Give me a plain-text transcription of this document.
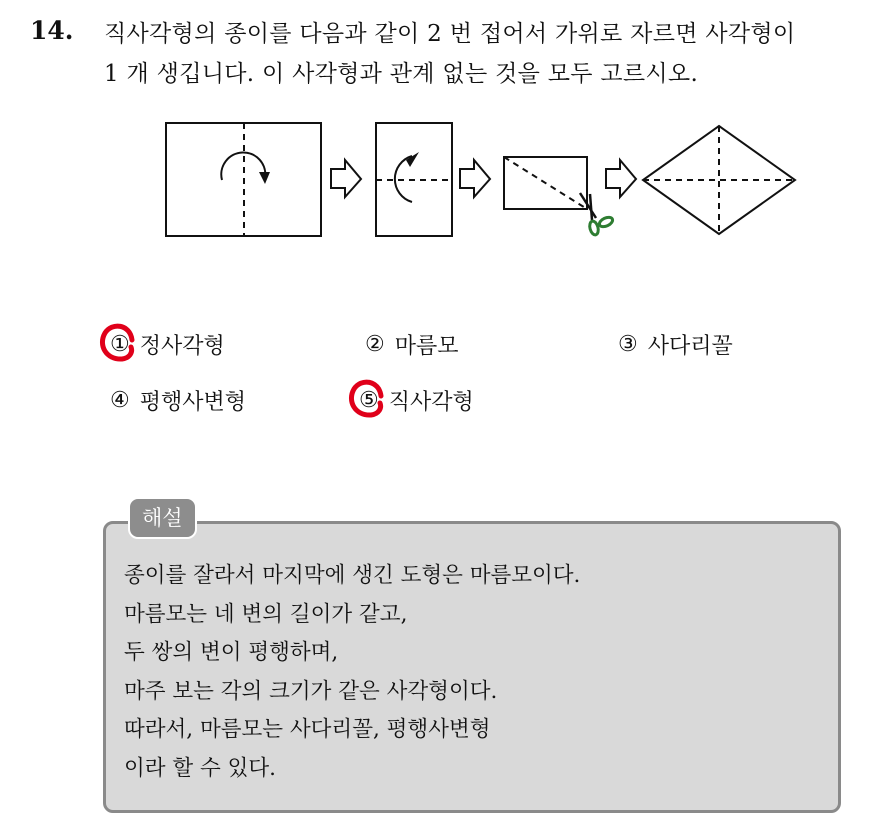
14. 직사각형의 종이를 다음과 같이 2 번 접어서 가위로 자르면 사각형이
1 개 생깁니다. 이 사각형과 관계 없는 것을 모두 고르시오.
① 정사각형	② 마름모	③ 사다리꼴
④ 평행사변형	⑤ 직사각형
해설
종이를 잘라서 마지막에 생긴 도형은 마름모이다.
마름모는 네 변의 길이가 같고,
두 쌍의 변이 평행하며,
마주 보는 각의 크기가 같은 사각형이다.
따라서, 마름모는 사다리꼴, 평행사변형
이라 할 수 있다.
